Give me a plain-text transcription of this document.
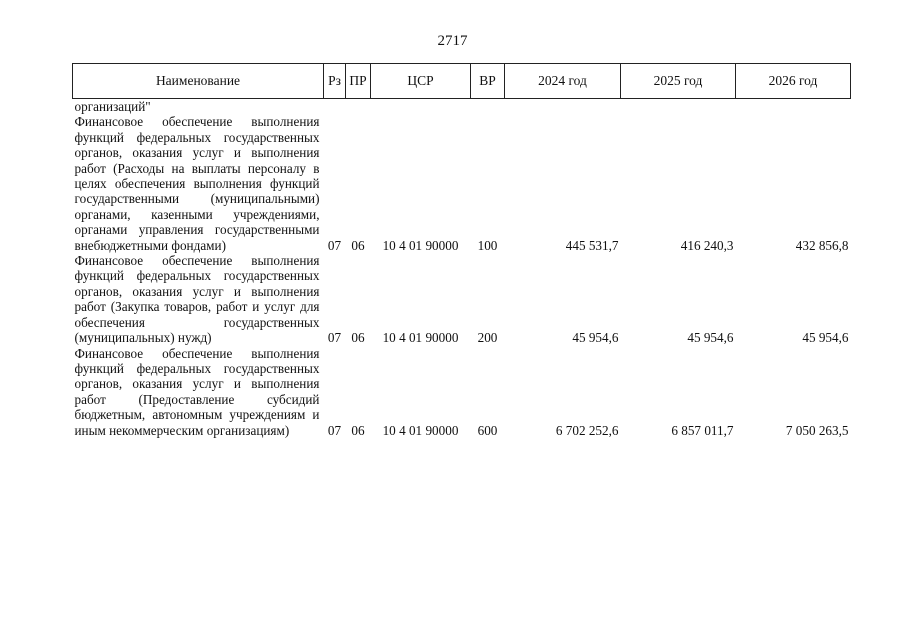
2717
Наименование	Рз	ПР	ЦСР	ВР	2024 год	2025 год	2026 год
организаций"							
Финансовое обеспечение выполнения функций федеральных государственных органов, оказания услуг и выполнения работ (Расходы на выплаты персоналу в целях обеспечения выполнения функций государственными (муниципальными) органами, казенными учреждениями, органами управления государственными внебюджетными фондами)	07	06	10 4 01 90000	100	445 531,7	416 240,3	432 856,8
Финансовое обеспечение выполнения функций федеральных государственных органов, оказания услуг и выполнения работ (Закупка товаров, работ и услуг для обеспечения государственных (муниципальных) нужд)	07	06	10 4 01 90000	200	45 954,6	45 954,6	45 954,6
Финансовое обеспечение выполнения функций федеральных государственных органов, оказания услуг и выполнения работ (Предоставление субсидий бюджетным, автономным учреждениям и иным некоммерческим организациям)	07	06	10 4 01 90000	600	6 702 252,6	6 857 011,7	7 050 263,5
